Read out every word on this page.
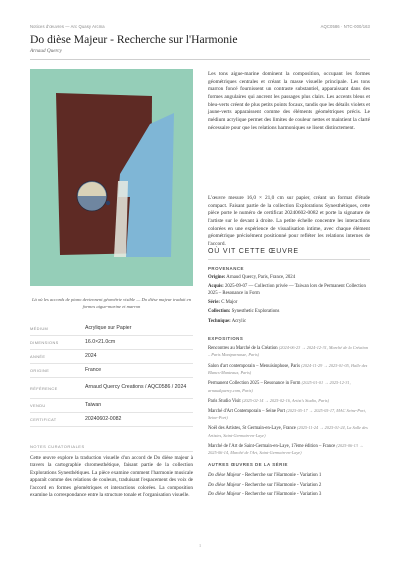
Notices d'œuvres — Arc Quasy Arcma	AQC0586 · NTC-000/163
Do dièse Majeur - Recherche sur l'Harmonie
Arnaud Quercy
Là où les accords de piano deviennent géométrie visible — Do dièse majeur traduit en formes aigue-marine et marron
MÉDIUM	Acrylique sur Papier
DIMENSIONS	16.0×21.0cm
ANNÉE	2024
ORIGINE	France
RÉFÉRENCE	Arnaud Quercy Creations / AQC0586 / 2024
VENDU	Taiwan
CERTIFICAT	20240602-0082
NOTES CURATORIALES
Cette œuvre explore la traduction visuelle d'un accord de Do dièse majeur à travers la cartographie chromesthétique, faisant partie de la collection Explorations Synesthétiques. La pièce examine comment l'harmonie musicale apparaît comme des relations de couleurs, traduisant l'espacement des voix de l'accord en formes géométriques et interactions colorées. La composition examine la correspondance entre la structure tonale et l'organisation visuelle.
Les tons aigue-marine dominent la composition, occupant les formes géométriques centrales et créant la masse visuelle principale. Les tons marron foncé fournissent un contraste substantiel, apparaissant dans des formes angulaires qui ancrent les passages plus clairs. Les accents bleus et bleu-verts créent de plus petits points focaux, tandis que les détails violets et jaune-verts apparaissent comme des éléments géométriques précis. Le médium acrylique permet des limites de couleur nettes et maintient la clarté nécessaire pour que les relations harmoniques se lisent distinctement.
L'œuvre mesure 16,0 × 21,0 cm sur papier, créant un format d'étude compact. Faisant partie de la collection Explorations Synesthétiques, cette pièce porte le numéro de certificat 20240602-0082 et porte la signature de l'artiste sur le devant à droite. La petite échelle concentre les interactions colorées en une expérience de visualisation intime, avec chaque élément géométrique précisément positionné pour refléter les relations internes de l'accord.
OÙ VIT CETTE ŒUVRE
PROVENANCE
Origine: Arnaud Quercy, Paris, France, 2024
Acquis: 2025-09-07 — Collection privée — Taiwan lors de Permanent Collection 2025 – Resonance in Form
Série: C Major
Collection: Synesthetic Explorations
Technique: Acrylic
EXPOSITIONS
Rencontres au Marché de la Création (2024-06-23 → 2024-12-31, Marché de la Création – Paris Montparnasse, Paris)
Salon d'art contemporain – Menuisinphose, Paris (2024-11-29 → 2025-01-05, Halle des Blancs-Manteaux, Paris)
Permanent Collection 2025 – Resonance in Form (2025-01-01 → 2025-12-31, arnaudquercy.com, Paris)
Paris Studio Visit (2025-02-14 → 2025-02-16, Artist's Studio, Paris)
Marché d'Art Contemporain – Seine Port (2025-05-17 → 2025-05-17, MAC Seine-Port, Seine-Port)
Noël des Artistes, St Germain-en-Laye, France (2025-11-24 → 2025-01-24, La Salle des Artistes, Saint-Germain-en-Laye)
Marché de l'Art de Saint-Germain-en-Laye, 17ème édition – France (2025-06-13 → 2025-06-14, Marché de l'Art, Saint-Germain-en-Laye)
AUTRES ŒUVRES DE LA SÉRIE
Do dièse Majeur - Recherche sur l'Harmonie - Variation 1
Do dièse Majeur - Recherche sur l'Harmonie - Variation 2
Do dièse Majeur - Recherche sur l'Harmonie - Variation 3
1
